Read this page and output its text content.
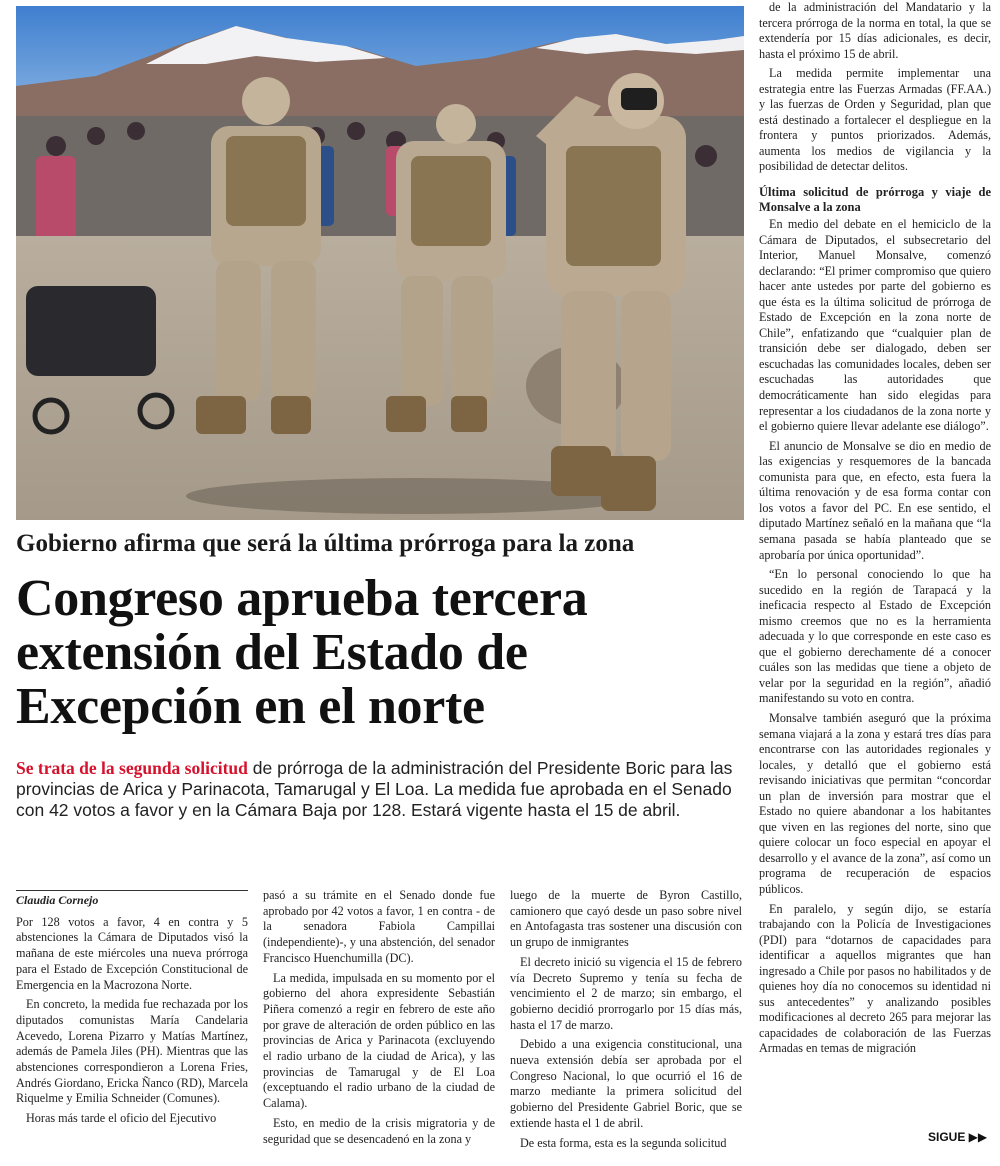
Gobierno afirma que será la última prórroga para la zona
Congreso aprueba tercera
extensión del Estado de
Excepción en el norte
Se trata de la segunda solicitud de prórroga de la administración del Presidente Boric para las provincias de Arica y Parinacota, Tamarugal y El Loa. La medida fue aprobada en el Senado con 42 votos a favor y en la Cámara Baja por 128. Estará vigente hasta el 15 de abril.
Claudia Cornejo

Por 128 votos a favor, 4 en contra y 5 abstenciones la Cámara de Diputados visó la mañana de este miércoles una nueva prórroga para el Estado de Excepción Constitucional de Emergencia en la Macrozona Norte.

En concreto, la medida fue rechazada por los diputados comunistas María Candelaria Acevedo, Lorena Pizarro y Matías Martínez, además de Pamela Jiles (PH). Mientras que las abstenciones correspondieron a Lorena Fries, Andrés Giordano, Ericka Ñanco (RD), Marcela Riquelme y Emilia Schneider (Comunes).

Horas más tarde el oficio del Ejecutivo

pasó a su trámite en el Senado donde fue aprobado por 42 votos a favor, 1 en contra - de la senadora Fabiola Campillai (independiente)-, y una abstención, del senador Francisco Huenchumilla (DC).

La medida, impulsada en su momento por el gobierno del ahora expresidente Sebastián Piñera comenzó a regir en febrero de este año por grave de alteración de orden público en las provincias de Arica y Parinacota (excluyendo el radio urbano de la ciudad de Arica), y las provincias de Tamarugal y de El Loa (exceptuando el radio urbano de la ciudad de Calama).

Esto, en medio de la crisis migratoria y de seguridad que se desencadenó en la zona y

luego de la muerte de Byron Castillo, camionero que cayó desde un paso sobre nivel en Antofagasta tras sostener una discusión con un grupo de inmigrantes

El decreto inició su vigencia el 15 de febrero vía Decreto Supremo y tenía su fecha de vencimiento el 2 de marzo; sin embargo, el gobierno decidió prorrogarlo por 15 días más, hasta el 17 de marzo.

Debido a una exigencia constitucional, una nueva extensión debía ser aprobada por el Congreso Nacional, lo que ocurrió el 16 de marzo mediante la primera solicitud del gobierno del Presidente Gabriel Boric, que se extiende hasta el 1 de abril.

De esta forma, esta es la segunda solicitud

de la administración del Mandatario y la tercera prórroga de la norma en total, la que se extendería por 15 días adicionales, es decir, hasta el próximo 15 de abril.

La medida permite implementar una estrategia entre las Fuerzas Armadas (FF.AA.) y las fuerzas de Orden y Seguridad, plan que está destinado a fortalecer el despliegue en la frontera y puntos priorizados. Además, aumenta los medios de vigilancia y la posibilidad de detectar delitos.

Última solicitud de prórroga y viaje de Monsalve a la zona

En medio del debate en el hemiciclo de la Cámara de Diputados, el subsecretario del Interior, Manuel Monsalve, comenzó declarando: “El primer compromiso que quiero hacer ante ustedes por parte del gobierno es que ésta es la última solicitud de prórroga de Estado de Excepción en la zona norte de Chile”, enfatizando que “cualquier plan de transición debe ser dialogado, deben ser escuchadas las comunidades locales, deben ser escuchadas las autoridades que democráticamente han sido elegidas para representar a los ciudadanos de la zona norte y el gobierno quiere llevar adelante ese diálogo”.

El anuncio de Monsalve se dio en medio de las exigencias y resquemores de la bancada comunista para que, en efecto, esta fuera la última renovación y de esa forma contar con los votos a favor del PC. En ese sentido, el diputado Martínez señaló en la mañana que “la semana pasada se había planteado que se aprobaría por única oportunidad”.

“En lo personal conociendo lo que ha sucedido en la región de Tarapacá y la ineficacia respecto al Estado de Excepción mismo creemos que no es la herramienta adecuada y lo que corresponde en este caso es que el gobierno derechamente dé a conocer cuáles son las medidas que tiene a objeto de velar por la seguridad en la región”, añadió manifestando su voto en contra.

Monsalve también aseguró que la próxima semana viajará a la zona y estará tres días para encontrarse con las autoridades regionales y locales, y detalló que el gobierno está revisando iniciativas que permitan “concordar un plan de inversión para mostrar que el Estado no quiere abandonar a los habitantes que viven en las regiones del norte, sino que quiere colocar un foco especial en apoyar el desarrollo y el avance de la zona”, así como un programa de recuperación de espacios públicos.

En paralelo, y según dijo, se estaría trabajando con la Policía de Investigaciones (PDI) para “dotarnos de capacidades para identificar a aquellos migrantes que han ingresado a Chile por pasos no habilitados y de quienes hoy día no conocemos su identidad ni sus antecedentes” y analizando posibles modificaciones al decreto 265 para mejorar las capacidades de colaboración de las Fuerzas Armadas en temas de migración

SIGUE ▶▶
